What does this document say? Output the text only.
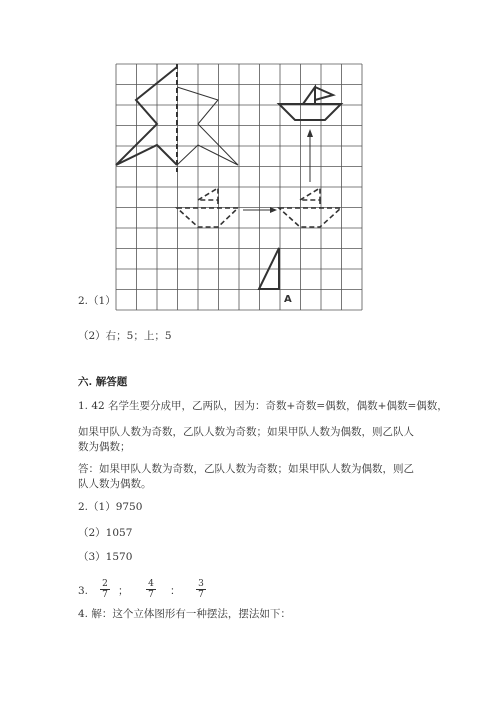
A
2.（1）
（2）右；5；上；5
六. 解答题
1. 42 名学生要分成甲，乙两队，因为：奇数+奇数=偶数，偶数+偶数=偶数，
如果甲队人数为奇数，乙队人数为奇数；如果甲队人数为偶数，则乙队人数为偶数；
答：如果甲队人数为奇数，乙队人数为奇数；如果甲队人数为偶数，则乙队人数为偶数。
2.（1）9750
（2）1057
（3）1570
3. $\frac{2}{7}$ ； $\frac{4}{7}$ ： $\frac{3}{7}$
4. 解：这个立体图形有一种摆法，摆法如下：
